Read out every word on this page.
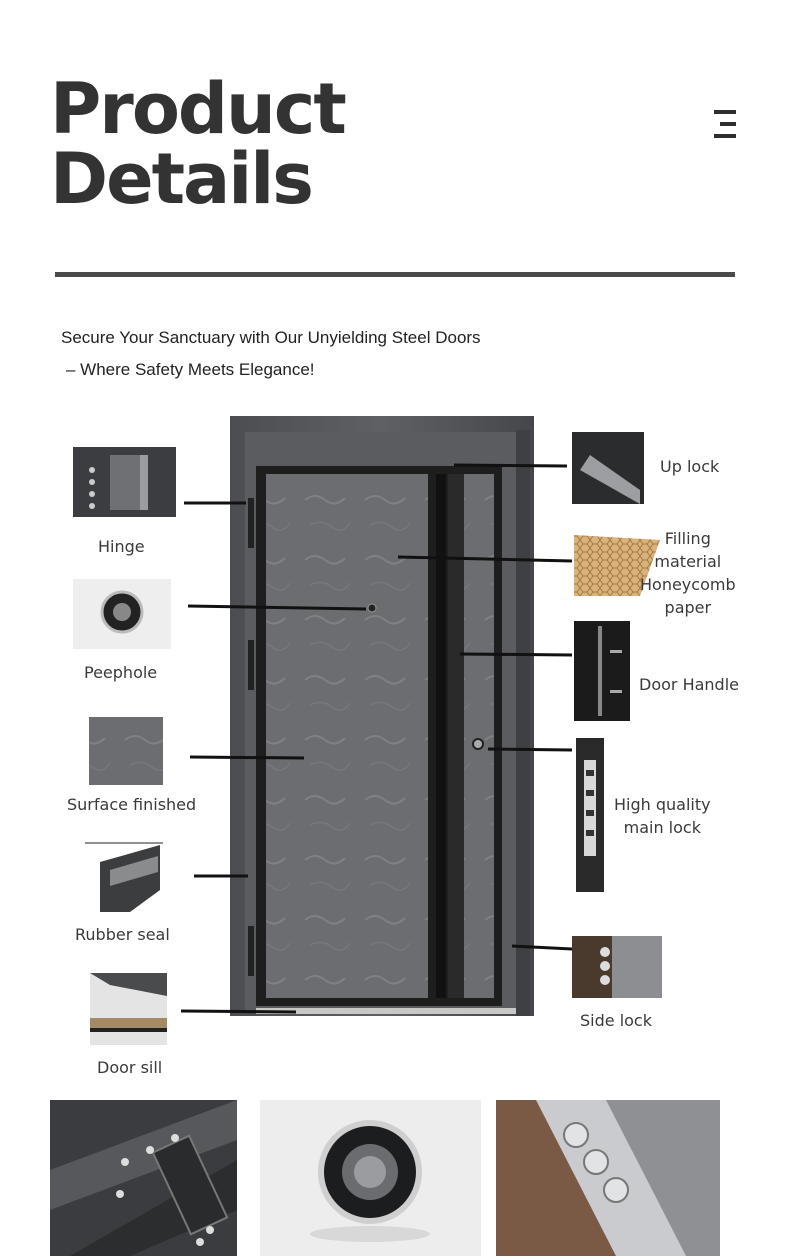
Product
Details
Secure Your Sanctuary with Our Unyielding Steel Doors
– Where Safety Meets Elegance!
Hinge
Peephole
Surface finished
Rubber seal
Door sill
Up lock
Filling
material
Honeycomb
paper
Door Handle
High quality
main lock
Side lock
